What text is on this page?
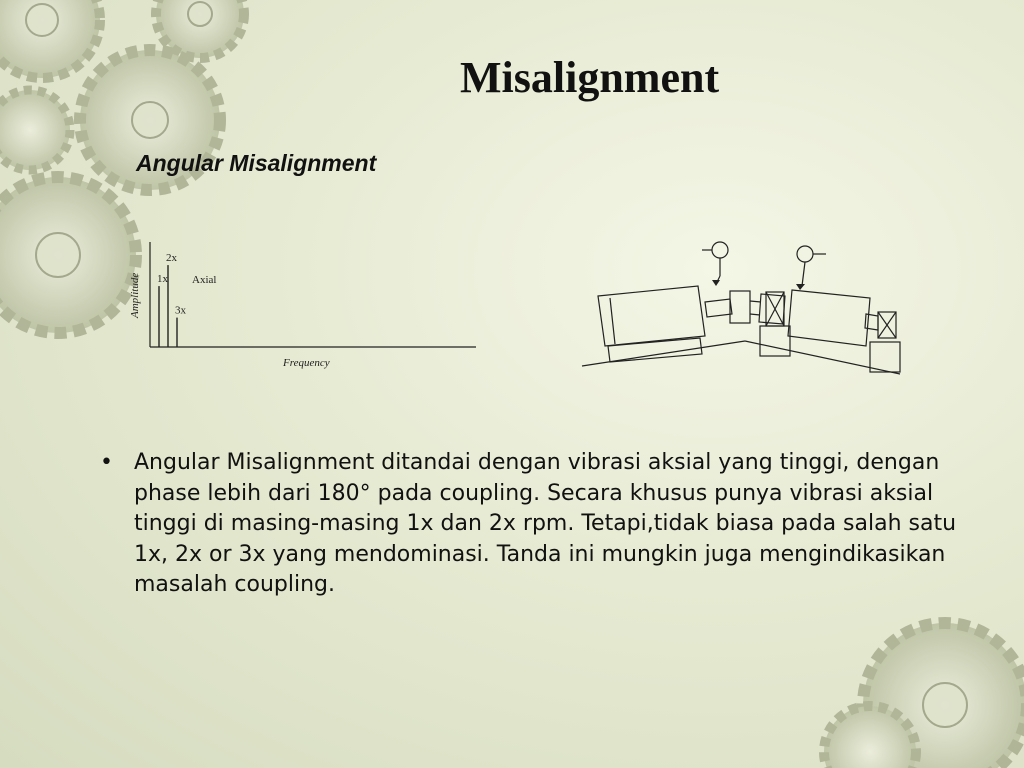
Misalignment
Angular Misalignment
1x
2x
3x
Axial
Amplitude
Frequency
• Angular Misalignment ditandai dengan vibrasi aksial yang tinggi, dengan phase lebih dari 180° pada coupling. Secara khusus punya vibrasi aksial tinggi di masing-masing 1x dan 2x rpm. Tetapi,tidak biasa pada salah satu 1x, 2x or 3x yang mendominasi. Tanda ini mungkin juga mengindikasikan masalah coupling.
